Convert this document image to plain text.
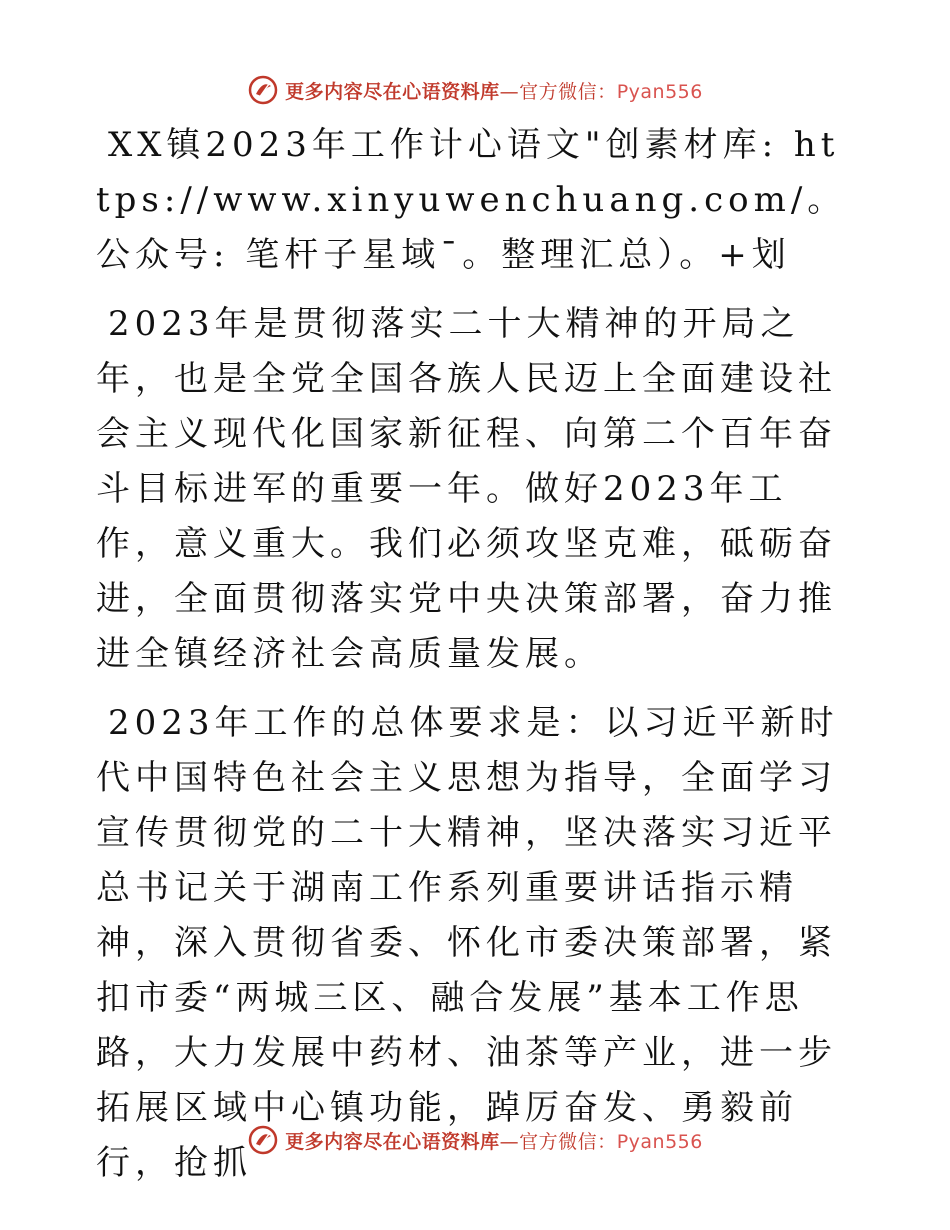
更多内容尽在心语资料库—官方微信：Pyan556

XX镇2023年工作计心语文"创素材库: https://www.xinyuwenchuang.com/。公众号: 笔杆子星域¯。整理汇总）。+划

2023年是贯彻落实二十大精神的开局之年，也是全党全国各族人民迈上全面建设社会主义现代化国家新征程、向第二个百年奋斗目标进军的重要一年。做好2023年工作，意义重大。我们必须攻坚克难，砥砺奋进，全面贯彻落实党中央决策部署，奋力推进全镇经济社会高质量发展。

2023年工作的总体要求是：以习近平新时代中国特色社会主义思想为指导，全面学习宣传贯彻党的二十大精神，坚决落实习近平总书记关于湖南工作系列重要讲话指示精神，深入贯彻省委、怀化市委决策部署，紧扣市委“两城三区、融合发展”基本工作思路，大力发展中药材、油茶等产业，进一步拓展区域中心镇功能，踔厉奋发、勇毅前行，抢抓

更多内容尽在心语资料库—官方微信：Pyan556
